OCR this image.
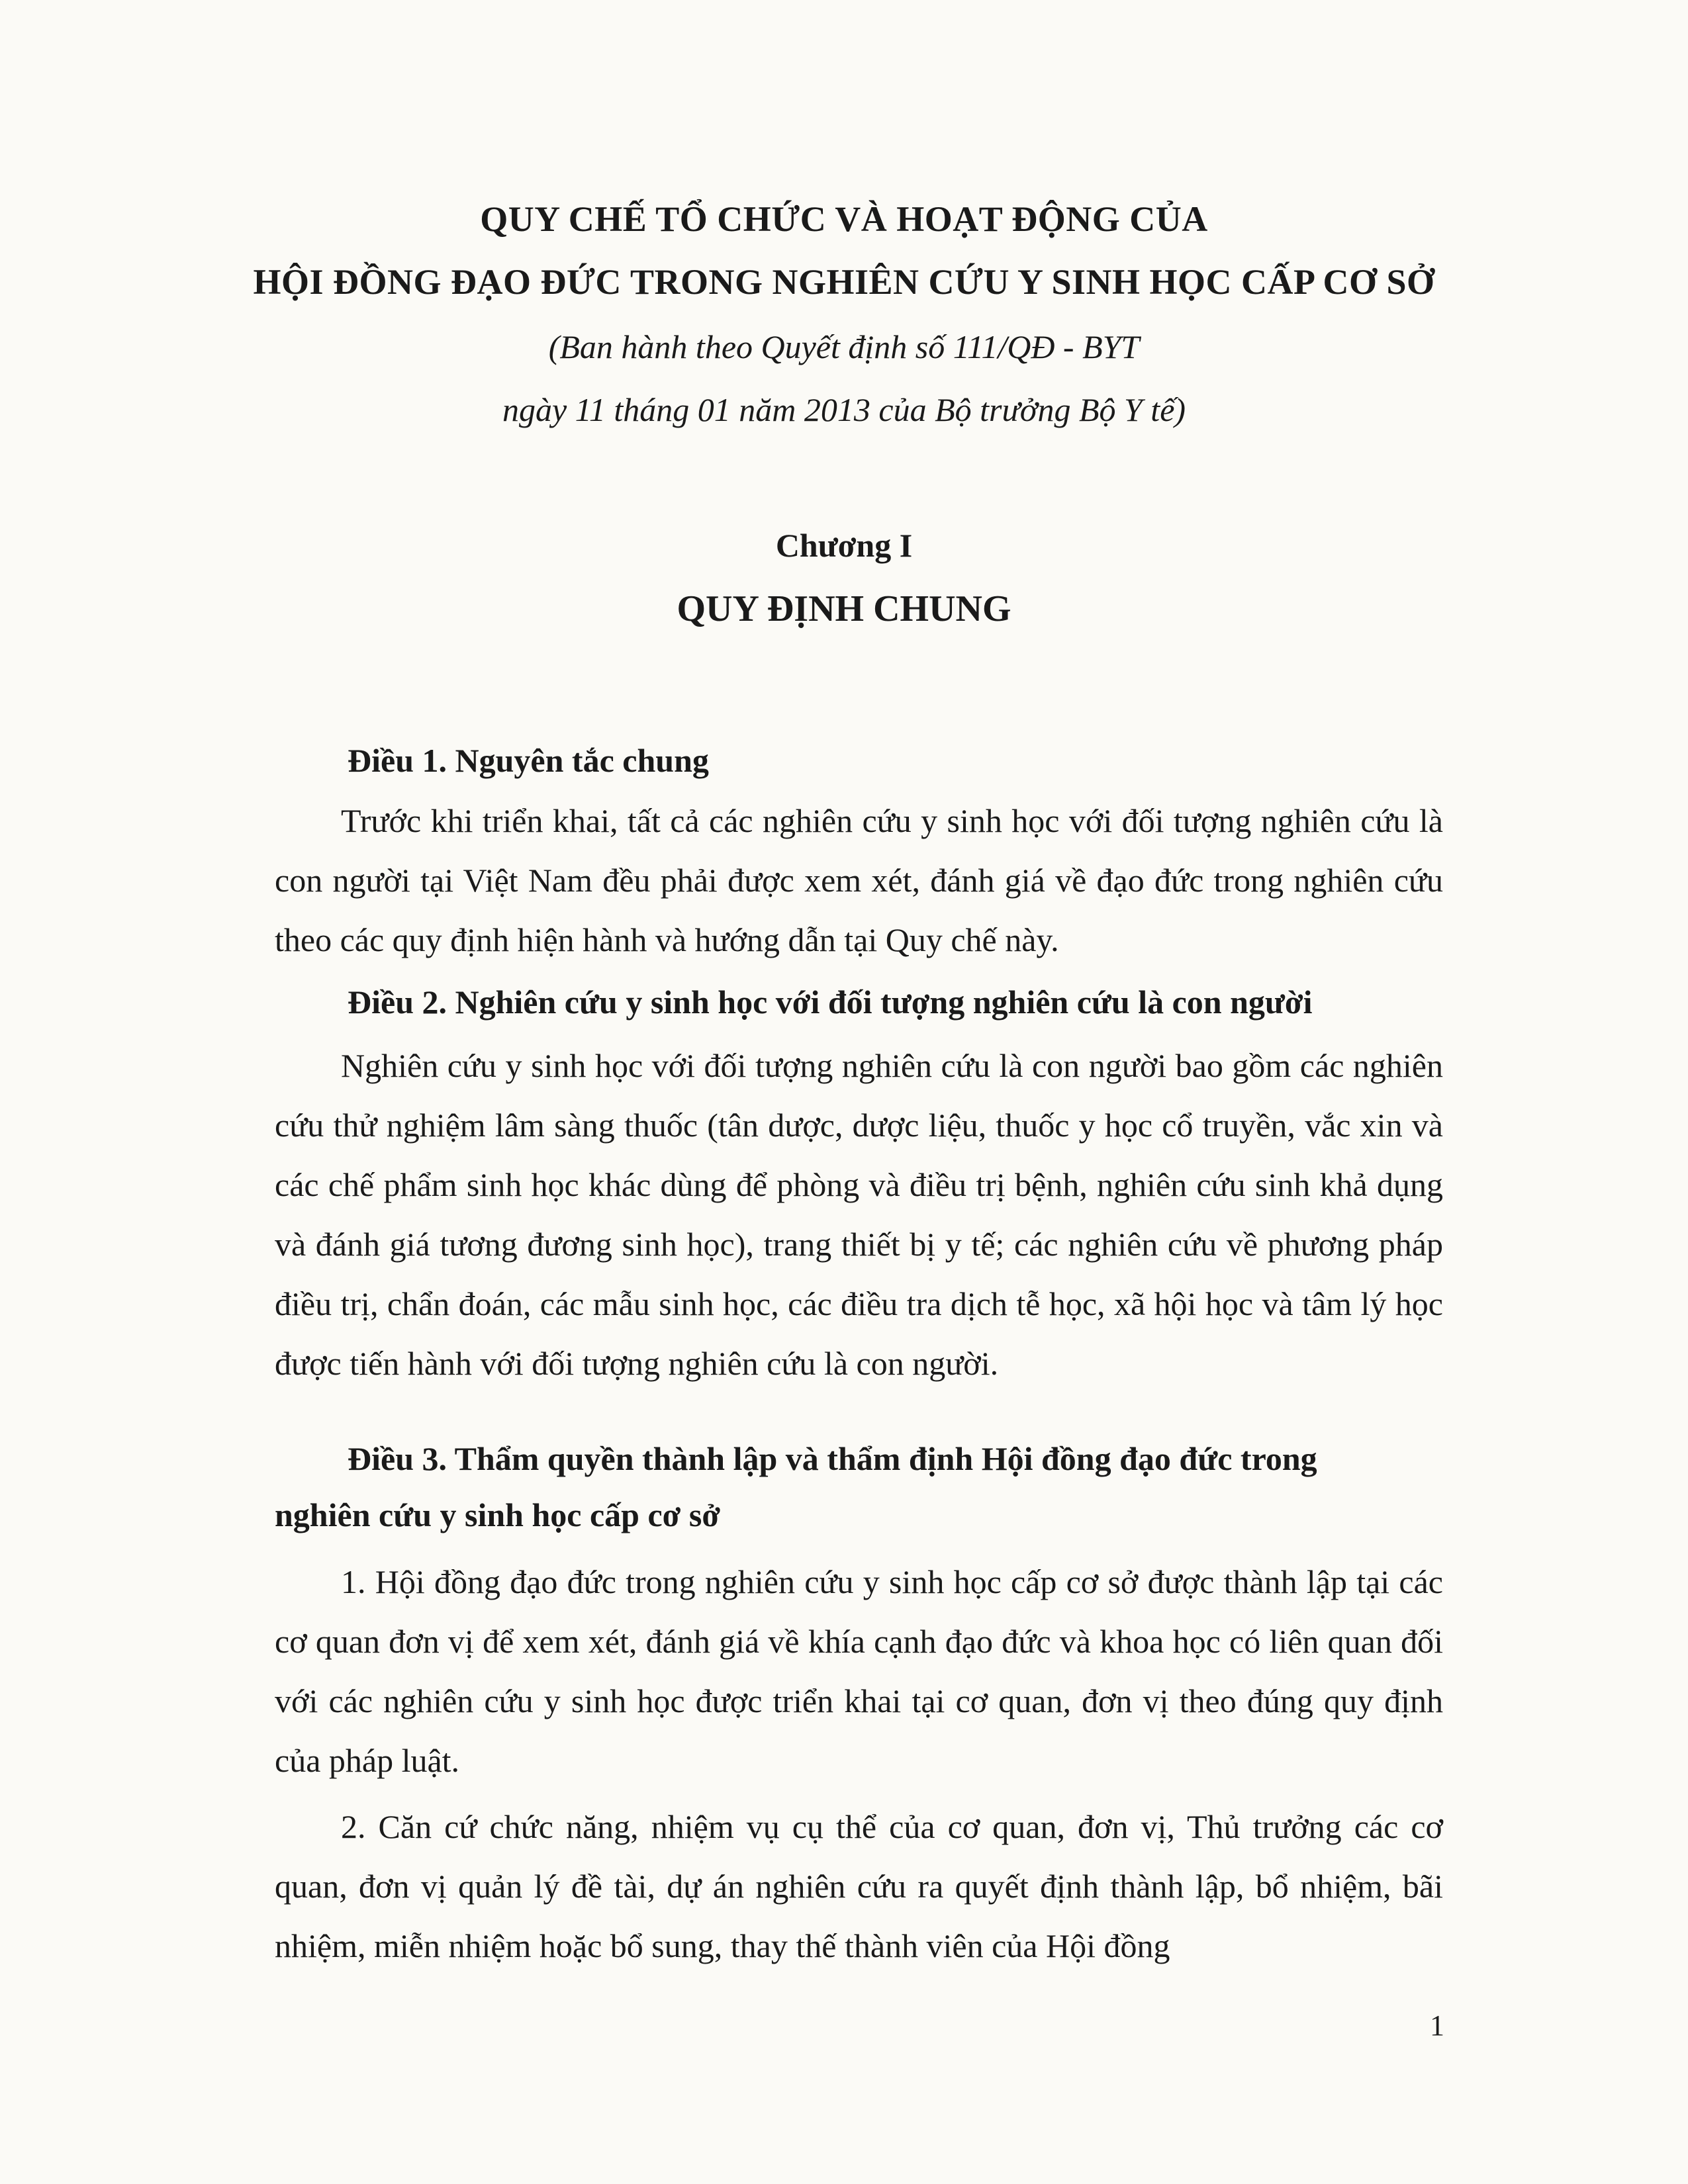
QUY CHẾ TỔ CHỨC VÀ HOẠT ĐỘNG CỦA
HỘI ĐỒNG ĐẠO ĐỨC TRONG NGHIÊN CỨU Y SINH HỌC CẤP CƠ SỞ
(Ban hành theo Quyết định số 111/QĐ - BYT
ngày 11 tháng 01 năm 2013 của Bộ trưởng Bộ Y tế)
Chương I
QUY ĐỊNH CHUNG
Điều 1. Nguyên tắc chung
Trước khi triển khai, tất cả các nghiên cứu y sinh học với đối tượng nghiên cứu là con người tại Việt Nam đều phải được xem xét, đánh giá về đạo đức trong nghiên cứu theo các quy định hiện hành và hướng dẫn tại Quy chế này.
Điều 2. Nghiên cứu y sinh học với đối tượng nghiên cứu là con người
Nghiên cứu y sinh học với đối tượng nghiên cứu là con người bao gồm các nghiên cứu thử nghiệm lâm sàng thuốc (tân dược, dược liệu, thuốc y học cổ truyền, vắc xin và các chế phẩm sinh học khác dùng để phòng và điều trị bệnh, nghiên cứu sinh khả dụng và đánh giá tương đương sinh học), trang thiết bị y tế; các nghiên cứu về phương pháp điều trị, chẩn đoán, các mẫu sinh học, các điều tra dịch tễ học, xã hội học và tâm lý học được tiến hành với đối tượng nghiên cứu là con người.
Điều 3. Thẩm quyền thành lập và thẩm định Hội đồng đạo đức trong
nghiên cứu y sinh học cấp cơ sở
1. Hội đồng đạo đức trong nghiên cứu y sinh học cấp cơ sở được thành lập tại các cơ quan đơn vị để xem xét, đánh giá về khía cạnh đạo đức và khoa học có liên quan đối với các nghiên cứu y sinh học được triển khai tại cơ quan, đơn vị theo đúng quy định của pháp luật.
2. Căn cứ chức năng, nhiệm vụ cụ thể của cơ quan, đơn vị, Thủ trưởng các cơ quan, đơn vị quản lý đề tài, dự án nghiên cứu ra quyết định thành lập, bổ nhiệm, bãi nhiệm, miễn nhiệm hoặc bổ sung, thay thế thành viên của Hội đồng
1
